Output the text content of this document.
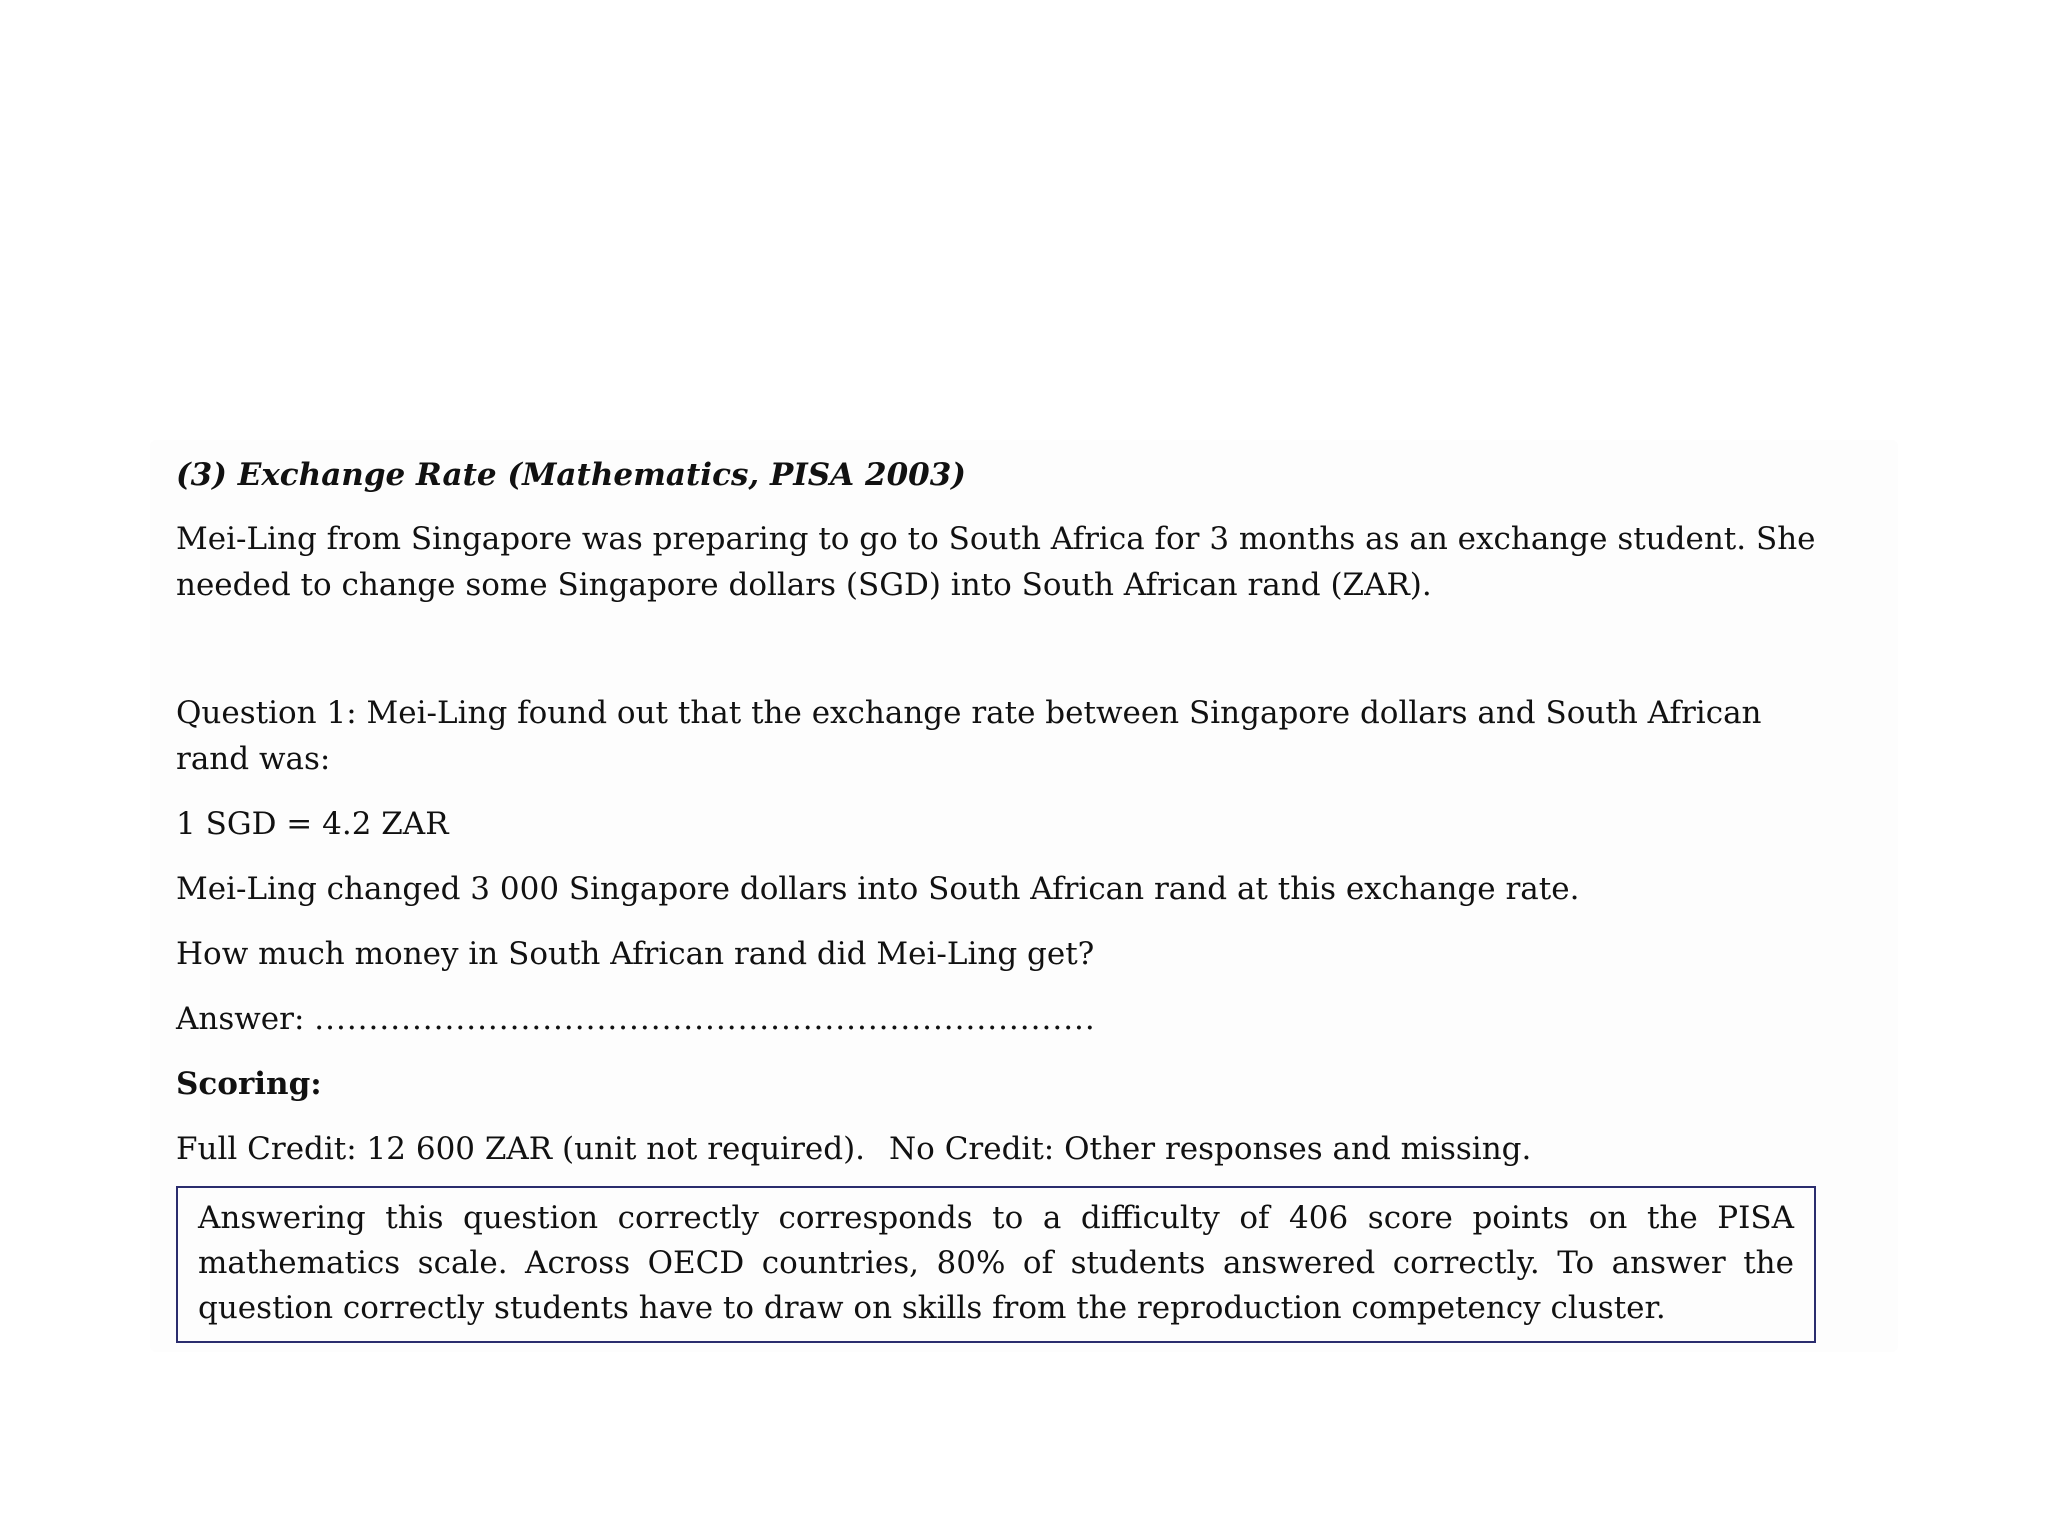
(3) Exchange Rate (Mathematics, PISA 2003)

Mei-Ling from Singapore was preparing to go to South Africa for 3 months as an exchange student. She needed to change some Singapore dollars (SGD) into South African rand (ZAR).

Question 1: Mei-Ling found out that the exchange rate between Singapore dollars and South African rand was:

1 SGD = 4.2 ZAR

Mei-Ling changed 3 000 Singapore dollars into South African rand at this exchange rate.

How much money in South African rand did Mei-Ling get?

Answer: ........................................................................

Scoring:

Full Credit: 12 600 ZAR (unit not required). No Credit: Other responses and missing.

Answering this question correctly corresponds to a difficulty of 406 score points on the PISA mathematics scale. Across OECD countries, 80% of students answered correctly. To answer the question correctly students have to draw on skills from the reproduction competency cluster.
